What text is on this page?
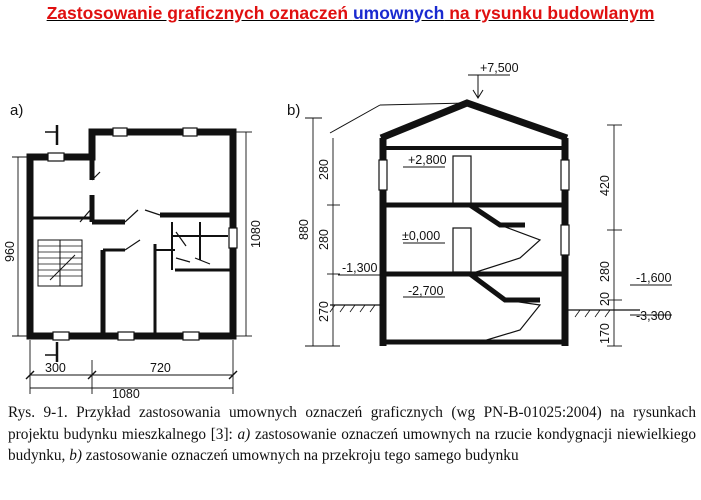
Zastosowanie graficznych oznaczeń umownych na rysunku budowlanym
a)	b)
960
1080
300	720
1080
880
280
280
270
420
280
20
170
+7,500
+2,800
±0,000
-2,700
-1,300
-1,600
-3,300
Rys. 9-1. Przykład zastosowania umownych oznaczeń graficznych (wg PN-B-01025:2004) na rysunkach projektu budynku mieszkalnego [3]: a) zastosowanie oznaczeń umownych na rzucie kondygnacji niewielkiego budynku, b) zastosowanie oznaczeń umownych na przekroju tego samego budynku
